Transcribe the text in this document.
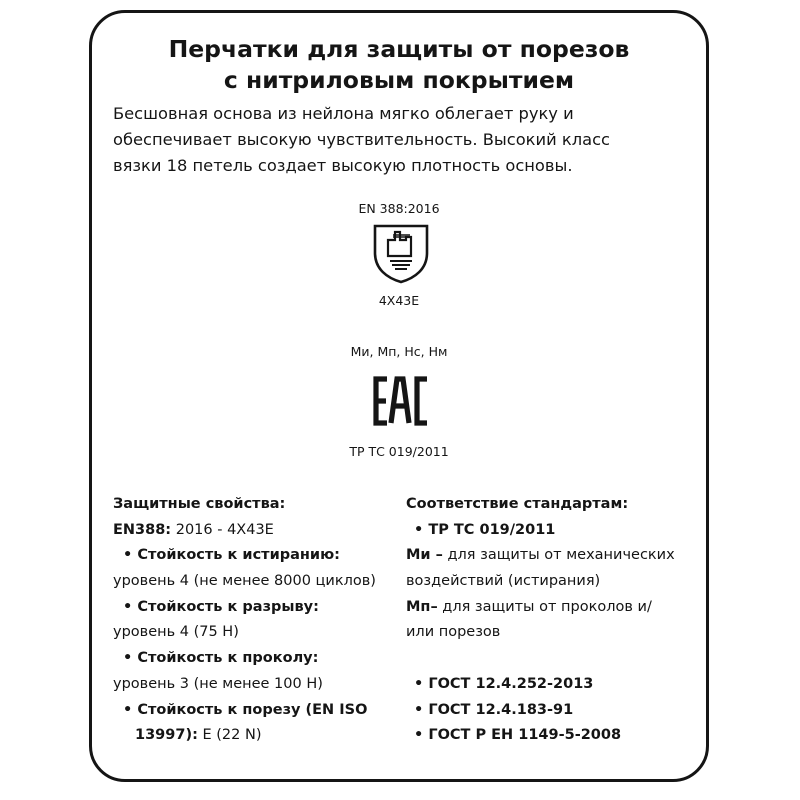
Перчатки для защиты от порезов
с нитриловым покрытием
Бесшовная основа из нейлона мягко облегает руку и
обеспечивает высокую чувствительность. Высокий класс
вязки 18 петель создает высокую плотность основы.
EN 388:2016
4X43E
Ми, Мп, Нс, Нм
ТР ТС 019/2011
Защитные свойства:
EN388: 2016 - 4X43E
• Стойкость к истиранию:
уровень 4 (не менее 8000 циклов)
• Стойкость к разрыву:
уровень 4 (75 Н)
• Стойкость к проколу:
уровень 3 (не менее 100 Н)
• Стойкость к порезу (EN ISO
13997): E (22 N)
Соответствие стандартам:
• ТР ТС 019/2011
Ми – для защиты от механических
воздействий (истирания)
Мп– для защиты от проколов и/
или порезов
• ГОСТ 12.4.252-2013
• ГОСТ 12.4.183-91
• ГОСТ Р ЕН 1149-5-2008
